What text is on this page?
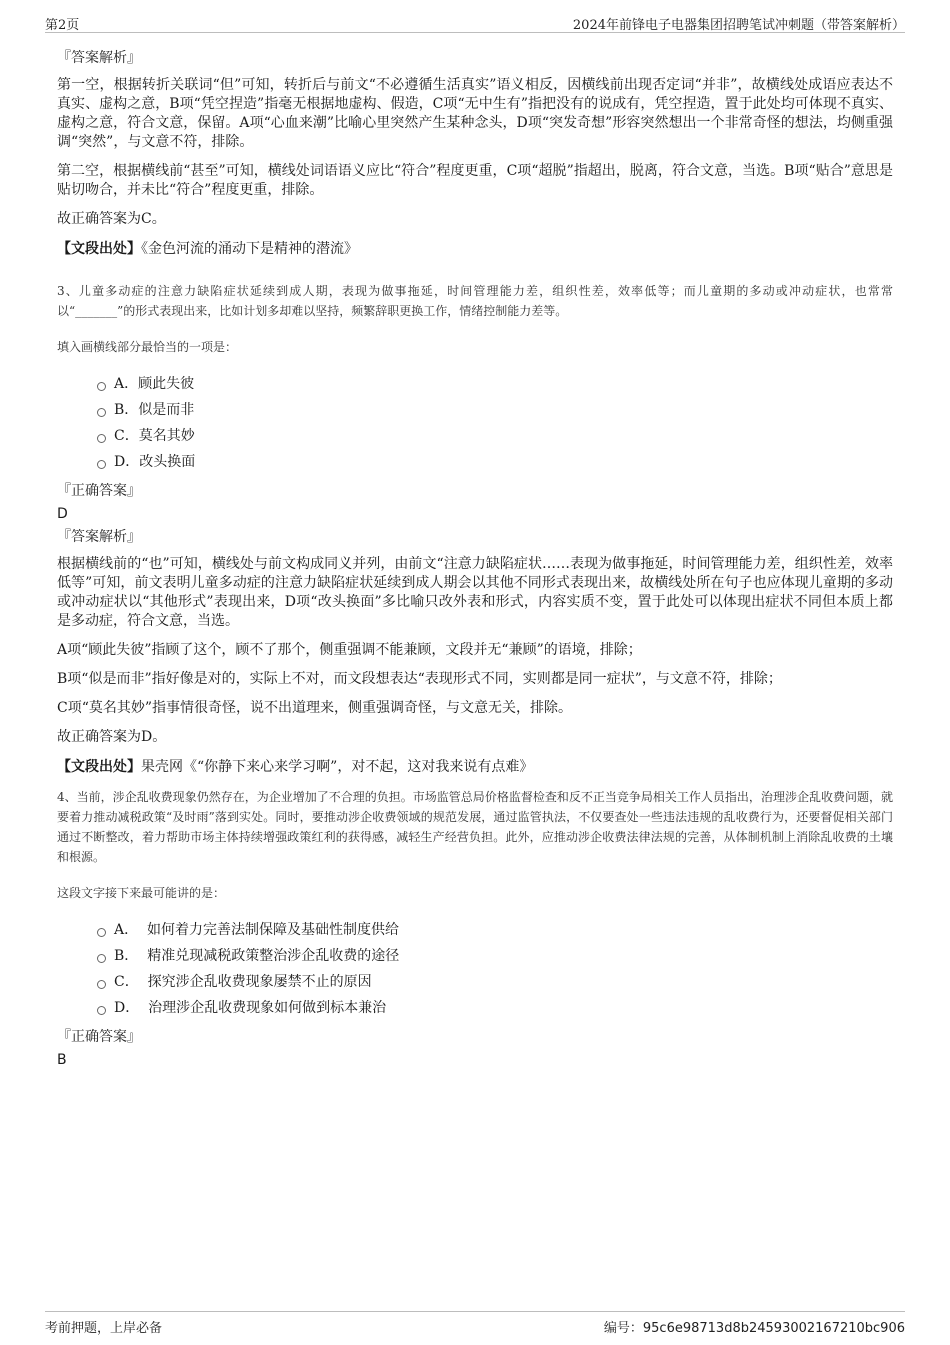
第2页	2024年前锋电子电器集团招聘笔试冲刺题（带答案解析）
『答案解析』

第一空，根据转折关联词“但”可知，转折后与前文“不必遵循生活真实”语义相反，因横线前出现否定词“并非”，故横线处成语应表达不真实、虚构之意，B项“凭空捏造”指毫无根据地虚构、假造，C项“无中生有”指把没有的说成有，凭空捏造，置于此处均可体现不真实、虚构之意，符合文意，保留。A项“心血来潮”比喻心里突然产生某种念头，D项“突发奇想”形容突然想出一个非常奇怪的想法，均侧重强调“突然”，与文意不符，排除。

第二空，根据横线前“甚至”可知，横线处词语语义应比“符合”程度更重，C项“超脱”指超出，脱离，符合文意，当选。B项“贴合”意思是贴切吻合，并未比“符合”程度更重，排除。

故正确答案为C。

【文段出处】《金色河流的涌动下是精神的潜流》

3、儿童多动症的注意力缺陷症状延续到成人期，表现为做事拖延，时间管理能力差，组织性差，效率低等；而儿童期的多动或冲动症状，也常常以“_______”的形式表现出来，比如计划多却难以坚持，频繁辞职更换工作，情绪控制能力差等。

填入画横线部分最恰当的一项是：

A． 顾此失彼
B． 似是而非
C． 莫名其妙
D． 改头换面
『正确答案』
D
『答案解析』

根据横线前的“也”可知，横线处与前文构成同义并列，由前文“注意力缺陷症状……表现为做事拖延，时间管理能力差，组织性差，效率低等”可知，前文表明儿童多动症的注意力缺陷症状延续到成人期会以其他不同形式表现出来，故横线处所在句子也应体现儿童期的多动或冲动症状以“其他形式”表现出来，D项“改头换面”多比喻只改外表和形式，内容实质不变，置于此处可以体现出症状不同但本质上都是多动症，符合文意，当选。

A项“顾此失彼”指顾了这个，顾不了那个，侧重强调不能兼顾，文段并无“兼顾”的语境，排除；

B项“似是而非”指好像是对的，实际上不对，而文段想表达“表现形式不同，实则都是同一症状”，与文意不符，排除；

C项“莫名其妙”指事情很奇怪，说不出道理来，侧重强调奇怪，与文意无关，排除。

故正确答案为D。

【文段出处】果壳网《“你静下来心来学习啊”，对不起，这对我来说有点难》

4、当前，涉企乱收费现象仍然存在，为企业增加了不合理的负担。市场监管总局价格监督检查和反不正当竞争局相关工作人员指出，治理涉企乱收费问题，就要着力推动减税政策“及时雨”落到实处。同时，要推动涉企收费领域的规范发展，通过监管执法，不仅要查处一些违法违规的乱收费行为，还要督促相关部门通过不断整改，着力帮助市场主体持续增强政策红利的获得感，减轻生产经营负担。此外，应推动涉企收费法律法规的完善，从体制机制上消除乱收费的土壤和根源。

这段文字接下来最可能讲的是：

A．
如何着力完善法制保障及基础性制度供给
B．
精准兑现减税政策整治涉企乱收费的途径
C．
探究涉企乱收费现象屡禁不止的原因
D．
治理涉企乱收费现象如何做到标本兼治
『正确答案』
B
考前押题，上岸必备	编号：95c6e98713d8b24593002167210bc906
